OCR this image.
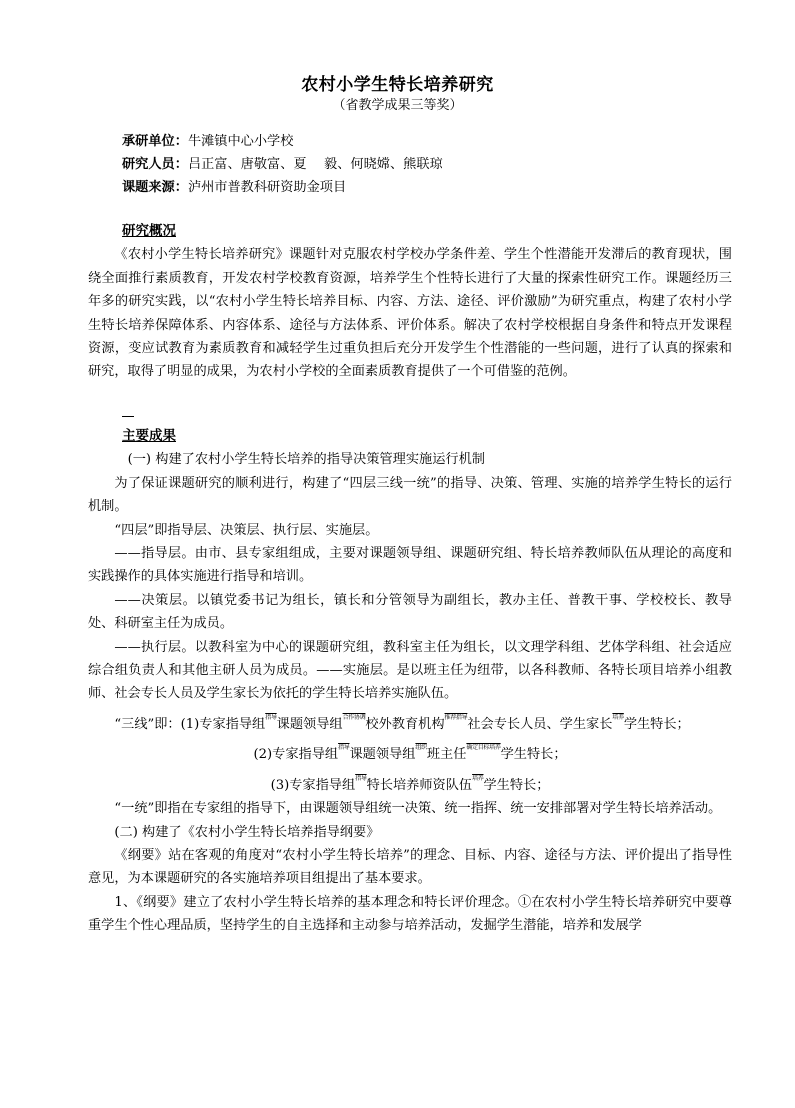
农村小学生特长培养研究
（省教学成果三等奖）
承研单位：牛滩镇中心小学校
研究人员：吕正富、唐敬富、夏　 毅、何晓嫦、熊联琼
课题来源：泸州市普教科研资助金项目

研究概况

《农村小学生特长培养研究》课题针对克服农村学校办学条件差、学生个性潜能开发滞后的教育现状，围绕全面推行素质教育，开发农村学校教育资源，培养学生个性特长进行了大量的探索性研究工作。课题经历三年多的研究实践，以“农村小学生特长培养目标、内容、方法、途径、评价激励”为研究重点，构建了农村小学生特长培养保障体系、内容体系、途径与方法体系、评价体系。解决了农村学校根据自身条件和特点开发课程资源，变应试教育为素质教育和减轻学生过重负担后充分开发学生个性潜能的一些问题，进行了认真的探索和研究，取得了明显的成果，为农村小学校的全面素质教育提供了一个可借鉴的范例。

主要成果

(一) 构建了农村小学生特长培养的指导决策管理实施运行机制

为了保证课题研究的顺利进行，构建了“四层三线一统”的指导、决策、管理、实施的培养学生特长的运行机制。

“四层”即指导层、决策层、执行层、实施层。

——指导层。由市、县专家组组成，主要对课题领导组、课题研究组、特长培养教师队伍从理论的高度和实践操作的具体实施进行指导和培训。

——决策层。以镇党委书记为组长，镇长和分管领导为副组长，教办主任、普教干事、学校校长、教导处、科研室主任为成员。

——执行层。以教科室为中心的课题研究组，教科室主任为组长，以文理学科组、艺体学科组、社会适应综合组负责人和其他主研人员为成员。——实施层。是以班主任为纽带，以各科教师、各特长项目培养小组教师、社会专长人员及学生家长为依托的学生特长培养实施队伍。

“三线”即：(1)专家指导组$^{指导}$课题领导组$^{合作协调}$校外教育机构$^{推荐指导}$社会专长人员、学生家长$^{培养}$学生特长；

(2)专家指导组$^{指导}$课题领导组$^{组织}$班主任$^{确定目标培养}$学生特长；

(3)专家指导组$^{指导}$特长培养师资队伍$^{培养}$学生特长；

“一统”即指在专家组的指导下，由课题领导组统一决策、统一指挥、统一安排部署对学生特长培养活动。

(二) 构建了《农村小学生特长培养指导纲要》

《纲要》站在客观的角度对“农村小学生特长培养”的理念、目标、内容、途径与方法、评价提出了指导性意见，为本课题研究的各实施培养项目组提出了基本要求。

1、《纲要》建立了农村小学生特长培养的基本理念和特长评价理念。①在农村小学生特长培养研究中要尊重学生个性心理品质，坚持学生的自主选择和主动参与培养活动，发掘学生潜能，培养和发展学
